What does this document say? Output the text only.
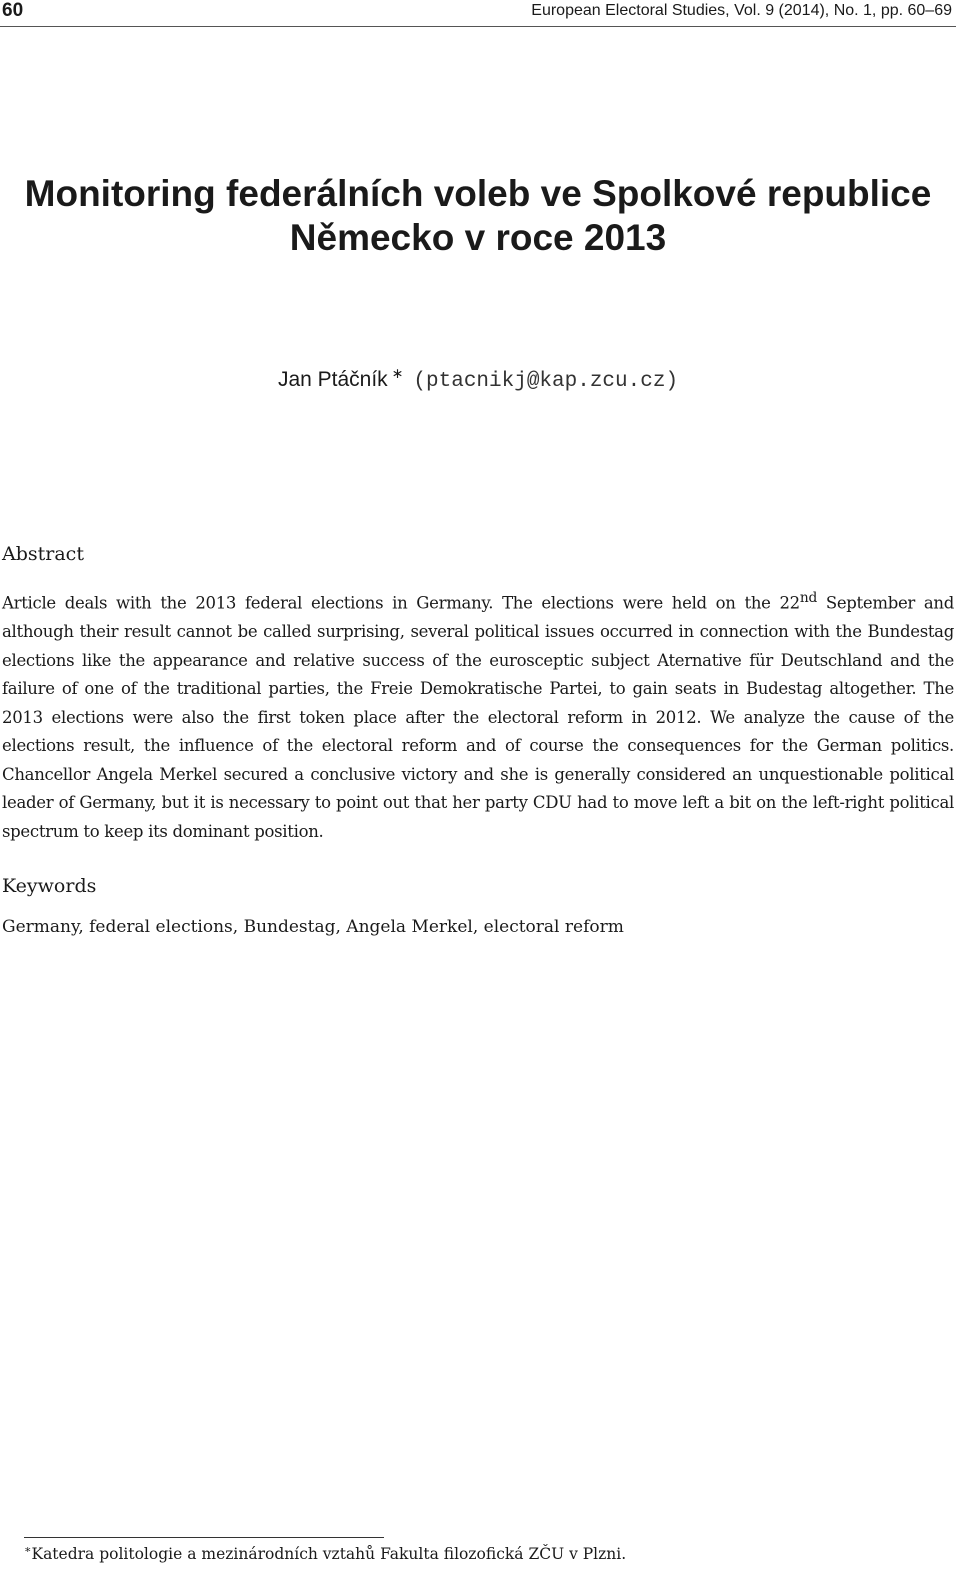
60	European Electoral Studies, Vol. 9 (2014), No. 1, pp. 60–69
Monitoring federálních voleb ve Spolkové republice
Německo v roce 2013
Jan Ptáčník ∗ (ptacnikj@kap.zcu.cz)
Abstract

Article deals with the 2013 federal elections in Germany. The elections were held on the 22nd September and although their result cannot be called surprising, several political issues occurred in connection with the Bundestag elections like the appearance and relative success of the eurosceptic subject Aternative für Deutschland and the failure of one of the traditional parties, the Freie Demokratische Partei, to gain seats in Budestag altogether. The 2013 elections were also the first token place after the electoral reform in 2012. We analyze the cause of the elections result, the influence of the electoral reform and of course the consequences for the German politics. Chancellor Angela Merkel secured a conclusive victory and she is generally considered an unquestionable political leader of Germany, but it is necessary to point out that her party CDU had to move left a bit on the left-right political spectrum to keep its dominant position.

Keywords

Germany, federal elections, Bundestag, Angela Merkel, electoral reform

∗Katedra politologie a mezinárodních vztahů Fakulta filozofická ZČU v Plzni.
